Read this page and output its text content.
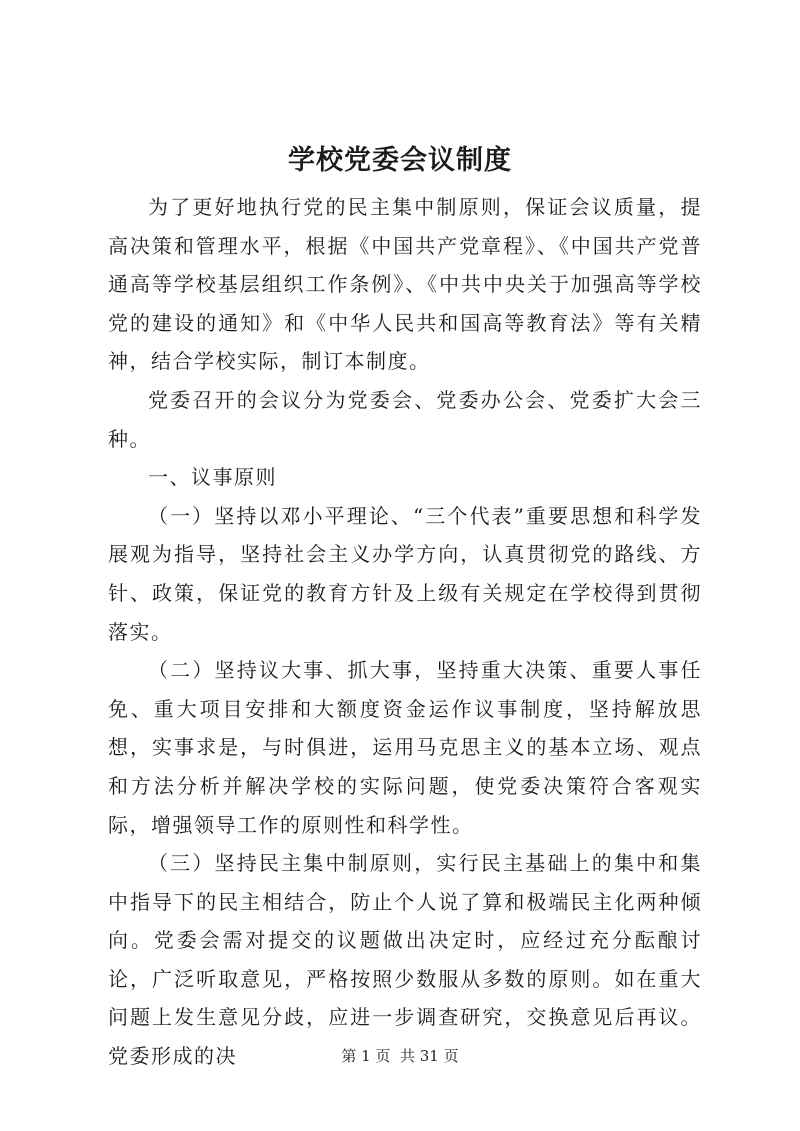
学校党委会议制度

为了更好地执行党的民主集中制原则，保证会议质量，提高决策和管理水平，根据《中国共产党章程》、《中国共产党普通高等学校基层组织工作条例》、《中共中央关于加强高等学校党的建设的通知》和《中华人民共和国高等教育法》等有关精神，结合学校实际，制订本制度。

党委召开的会议分为党委会、党委办公会、党委扩大会三种。

一、议事原则

（一）坚持以邓小平理论、“三个代表”重要思想和科学发展观为指导，坚持社会主义办学方向，认真贯彻党的路线、方针、政策，保证党的教育方针及上级有关规定在学校得到贯彻落实。

（二）坚持议大事、抓大事，坚持重大决策、重要人事任免、重大项目安排和大额度资金运作议事制度，坚持解放思想，实事求是，与时俱进，运用马克思主义的基本立场、观点和方法分析并解决学校的实际问题，使党委决策符合客观实际，增强领导工作的原则性和科学性。

（三）坚持民主集中制原则，实行民主基础上的集中和集中指导下的民主相结合，防止个人说了算和极端民主化两种倾向。党委会需对提交的议题做出决定时，应经过充分酝酿讨论，广泛听取意见，严格按照少数服从多数的原则。如在重大问题上发生意见分歧，应进一步调查研究，交换意见后再议。党委形成的决	第 1 页  共 31 页
